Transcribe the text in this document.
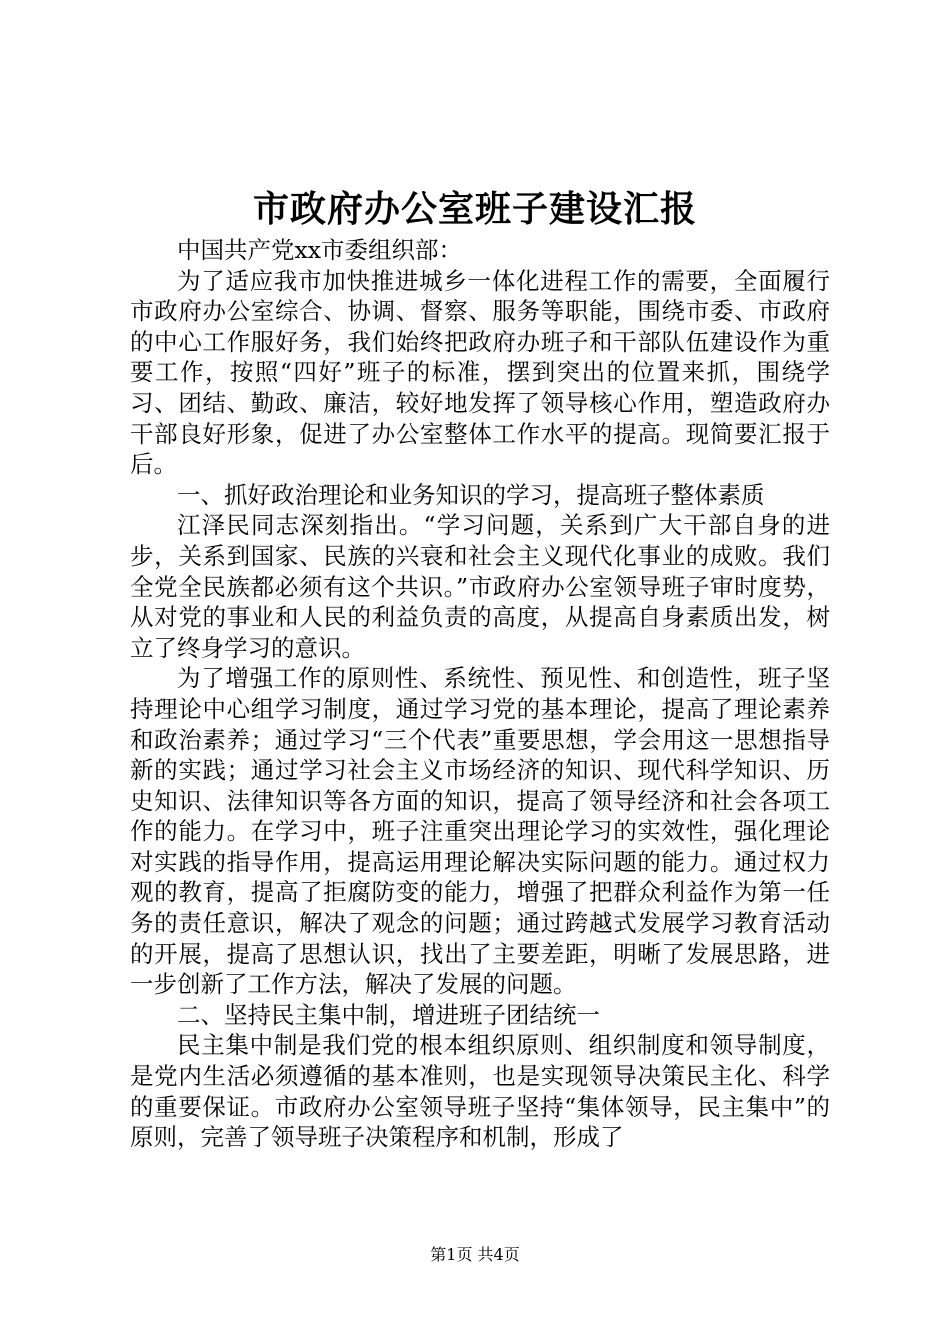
市政府办公室班子建设汇报

中国共产党xx市委组织部：

为了适应我市加快推进城乡一体化进程工作的需要，全面履行市政府办公室综合、协调、督察、服务等职能，围绕市委、市政府的中心工作服好务，我们始终把政府办班子和干部队伍建设作为重要工作，按照“四好”班子的标准，摆到突出的位置来抓，围绕学习、团结、勤政、廉洁，较好地发挥了领导核心作用，塑造政府办干部良好形象，促进了办公室整体工作水平的提高。现简要汇报于后。

一、抓好政治理论和业务知识的学习，提高班子整体素质

江泽民同志深刻指出。“学习问题，关系到广大干部自身的进步，关系到国家、民族的兴衰和社会主义现代化事业的成败。我们全党全民族都必须有这个共识。”市政府办公室领导班子审时度势，从对党的事业和人民的利益负责的高度，从提高自身素质出发，树立了终身学习的意识。

为了增强工作的原则性、系统性、预见性、和创造性，班子坚持理论中心组学习制度，通过学习党的基本理论，提高了理论素养和政治素养；通过学习“三个代表”重要思想，学会用这一思想指导新的实践；通过学习社会主义市场经济的知识、现代科学知识、历史知识、法律知识等各方面的知识，提高了领导经济和社会各项工作的能力。在学习中，班子注重突出理论学习的实效性，强化理论对实践的指导作用，提高运用理论解决实际问题的能力。通过权力观的教育，提高了拒腐防变的能力，增强了把群众利益作为第一任务的责任意识，解决了观念的问题；通过跨越式发展学习教育活动的开展，提高了思想认识，找出了主要差距，明晰了发展思路，进一步创新了工作方法，解决了发展的问题。

二、坚持民主集中制，增进班子团结统一

民主集中制是我们党的根本组织原则、组织制度和领导制度，是党内生活必须遵循的基本准则，也是实现领导决策民主化、科学的重要保证。市政府办公室领导班子坚持“集体领导，民主集中”的原则，完善了领导班子决策程序和机制，形成了

第1页 共4页
